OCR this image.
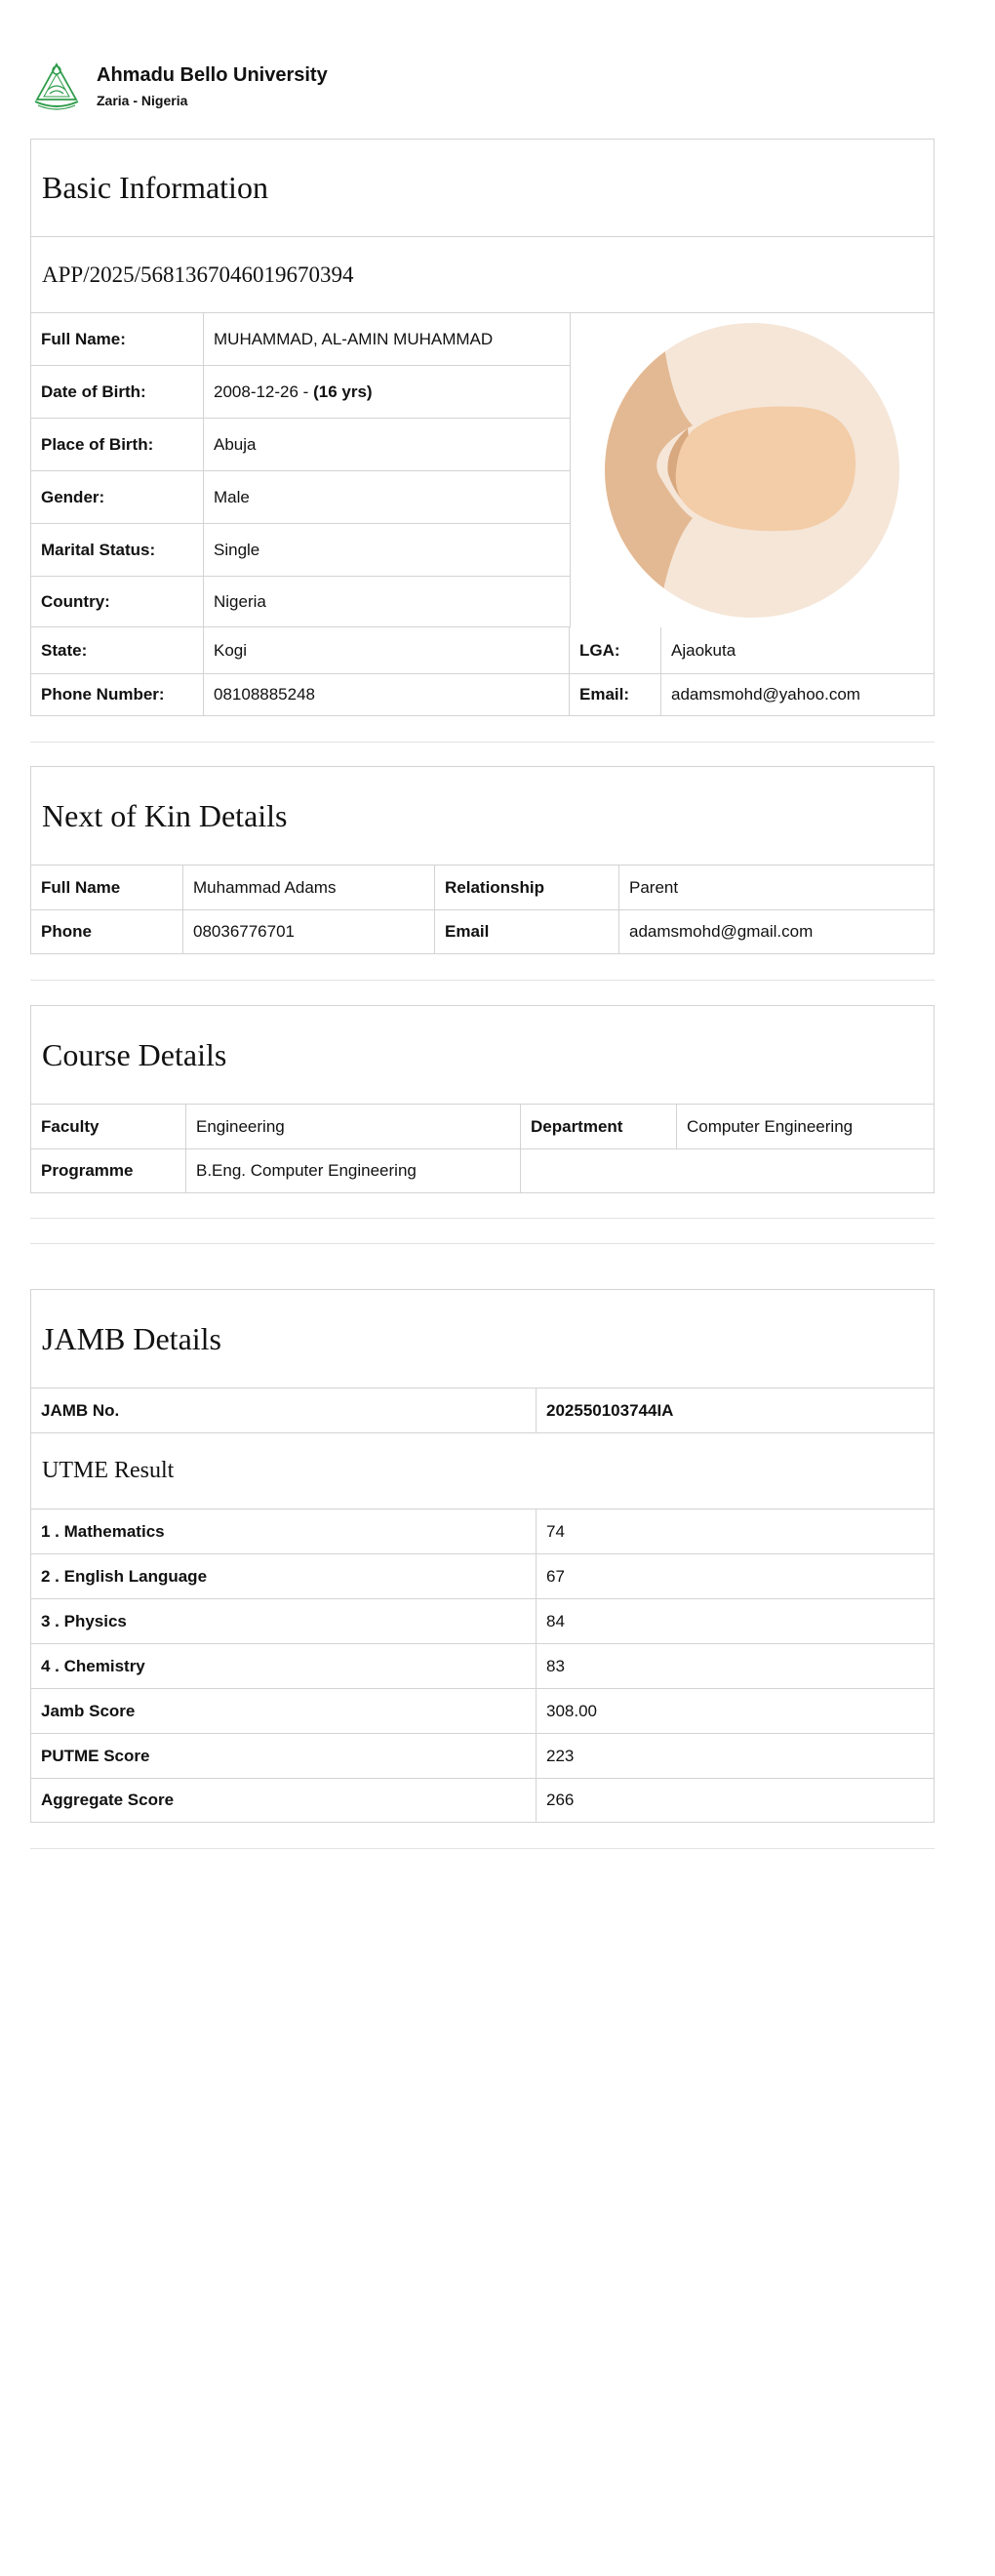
Ahmadu Bello University
Zaria - Nigeria
Basic Information
APP/2025/5681367046019670394
Full Name:	MUHAMMAD, AL-AMIN MUHAMMAD
Date of Birth:	2008-12-26 - (16 yrs)
Place of Birth:	Abuja
Gender:	Male
Marital Status:	Single
Country:	Nigeria
State:	Kogi	LGA:	Ajaokuta
Phone Number:	08108885248	Email:	adamsmohd@yahoo.com
Next of Kin Details
Full Name	Muhammad Adams	Relationship	Parent
Phone	08036776701	Email	adamsmohd@gmail.com
Course Details
Faculty	Engineering	Department	Computer Engineering
Programme	B.Eng. Computer Engineering
JAMB Details
JAMB No.	202550103744IA
UTME Result
1 . Mathematics	74
2 . English Language	67
3 . Physics	84
4 . Chemistry	83
Jamb Score	308.00
PUTME Score	223
Aggregate Score	266
